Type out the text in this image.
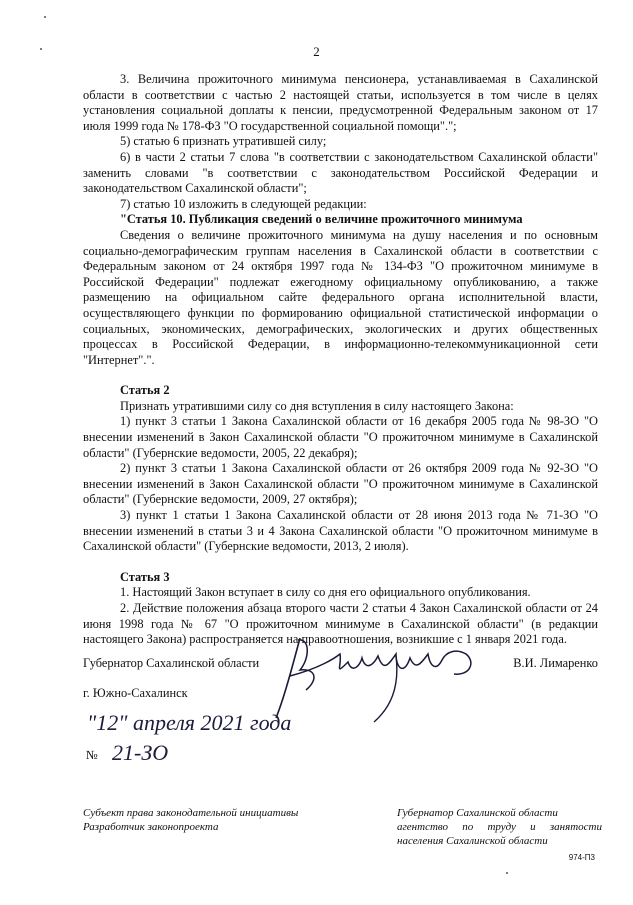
2

3. Величина прожиточного минимума пенсионера, устанавливаемая в Сахалинской области в соответствии с частью 2 настоящей статьи, используется в том числе в целях установления социальной доплаты к пенсии, предусмотренной Федеральным законом от 17 июля 1999 года № 178-ФЗ "О государственной социальной помощи".";

5) статью 6 признать утратившей силу;

6) в части 2 статьи 7 слова "в соответствии с законодательством Сахалинской области" заменить словами "в соответствии с законодательством Российской Федерации и законодательством Сахалинской области";

7) статью 10 изложить в следующей редакции:

"Статья 10. Публикация сведений о величине прожиточного минимума

Сведения о величине прожиточного минимума на душу населения и по основным социально-демографическим группам населения в Сахалинской области в соответствии с Федеральным законом от 24 октября 1997 года № 134-ФЗ "О прожиточном минимуме в Российской Федерации" подлежат ежегодному официальному опубликованию, а также размещению на официальном сайте федерального органа исполнительной власти, осуществляющего функции по формированию официальной статистической информации о социальных, экономических, демографических, экологических и других общественных процессах в Российской Федерации, в информационно-телекоммуникационной сети "Интернет".".

Статья 2

Признать утратившими силу со дня вступления в силу настоящего Закона:

1) пункт 3 статьи 1 Закона Сахалинской области от 16 декабря 2005 года № 98-ЗО "О внесении изменений в Закон Сахалинской области "О прожиточном минимуме в Сахалинской области" (Губернские ведомости, 2005, 22 декабря);

2) пункт 3 статьи 1 Закона Сахалинской области от 26 октября 2009 года № 92-ЗО "О внесении изменений в Закон Сахалинской области "О прожиточном минимуме в Сахалинской области" (Губернские ведомости, 2009, 27 октября);

3) пункт 1 статьи 1 Закона Сахалинской области от 28 июня 2013 года № 71-ЗО "О внесении изменений в статьи 3 и 4 Закона Сахалинской области "О прожиточном минимуме в Сахалинской области" (Губернские ведомости, 2013, 2 июля).

Статья 3

1. Настоящий Закон вступает в силу со дня его официального опубликования.

2. Действие положения абзаца второго части 2 статьи 4 Закон Сахалинской области от 24 июня 1998 года № 67 "О прожиточном минимуме в Сахалинской области" (в редакции настоящего Закона) распространяется на правоотношения, возникшие с 1 января 2021 года.

Губернатор Сахалинской области	В.И. Лимаренко
г. Южно-Сахалинск
"12" апреля 2021 года
№ 21-ЗО
Субъект права законодательной инициативы
Разработчик законопроекта
Губернатор Сахалинской области
агентство по труду и занятости
населения Сахалинской области
974-П3
